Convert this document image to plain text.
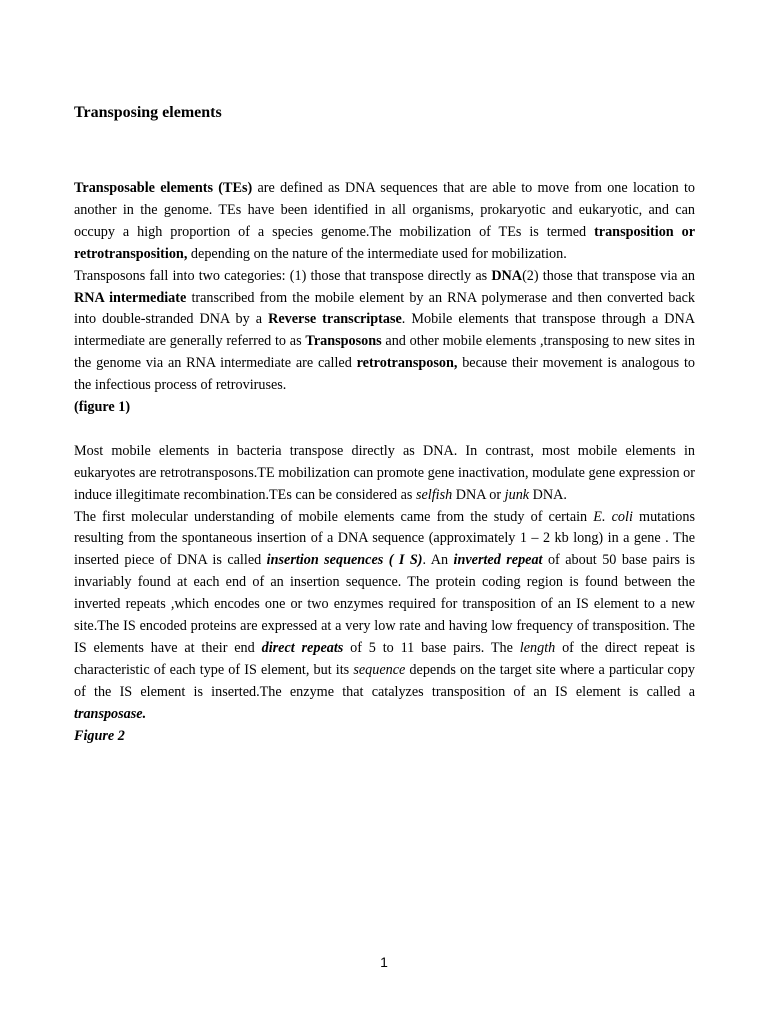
Transposing elements

Transposable elements (TEs) are defined as DNA sequences that are able to move from one location to another in the genome. TEs have been identified in all organisms, prokaryotic and eukaryotic, and can occupy a high proportion of a species genome.The mobilization of TEs is termed transposition or retrotransposition, depending on the nature of the intermediate used for mobilization.

Transposons fall into two categories: (1) those that transpose directly as DNA(2) those that transpose via an RNA intermediate transcribed from the mobile element by an RNA polymerase and then converted back into double-stranded DNA by a Reverse transcriptase. Mobile elements that transpose through a DNA intermediate are generally referred to as Transposons and other mobile elements ,transposing to new sites in the genome via an RNA intermediate are called retrotransposon, because their movement is analogous to the infectious process of retroviruses.

(figure 1)

Most mobile elements in bacteria transpose directly as DNA. In contrast, most mobile elements in eukaryotes are retrotransposons.TE mobilization can promote gene inactivation, modulate gene expression or induce illegitimate recombination.TEs can be considered as selfish DNA or junk DNA.

The first molecular understanding of mobile elements came from the study of certain E. coli mutations resulting from the spontaneous insertion of a DNA sequence (approximately 1 – 2 kb long) in a gene . The inserted piece of DNA is called insertion sequences ( I S). An inverted repeat of about 50 base pairs is invariably found at each end of an insertion sequence. The protein coding region is found between the inverted repeats ,which encodes one or two enzymes required for transposition of an IS element to a new site.The IS encoded proteins are expressed at a very low rate and having low frequency of transposition. The IS elements have at their end direct repeats of 5 to 11 base pairs. The length of the direct repeat is characteristic of each type of IS element, but its sequence depends on the target site where a particular copy of the IS element is inserted.The enzyme that catalyzes transposition of an IS element is called a transposase.

Figure 2

1
